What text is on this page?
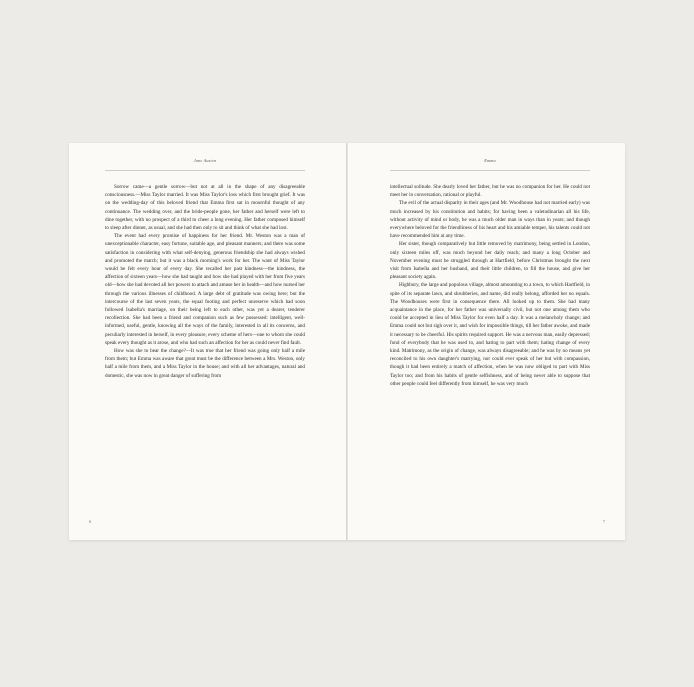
Jane Austen

Sorrow came—a gentle sorrow—but not at all in the shape of any disagreeable consciousness.—Miss Taylor married. It was Miss Taylor's loss which first brought grief. It was on the wedding-day of this beloved friend that Emma first sat in mournful thought of any continuance. The wedding over, and the bride-people gone, her father and herself were left to dine together, with no prospect of a third to cheer a long evening. Her father composed himself to sleep after dinner, as usual, and she had then only to sit and think of what she had lost.

The event had every promise of happiness for her friend. Mr. Weston was a man of unexceptionable character, easy fortune, suitable age, and pleasant manners; and there was some satisfaction in considering with what self-denying, generous friendship she had always wished and promoted the match; but it was a black morning's work for her. The want of Miss Taylor would be felt every hour of every day. She recalled her past kindness—the kindness, the affection of sixteen years—how she had taught and how she had played with her from five years old—how she had devoted all her powers to attach and amuse her in health—and how nursed her through the various illnesses of childhood. A large debt of gratitude was owing here; but the intercourse of the last seven years, the equal footing and perfect unreserve which had soon followed Isabella's marriage, on their being left to each other, was yet a dearer, tenderer recollection. She had been a friend and companion such as few possessed: intelligent, well-informed, useful, gentle, knowing all the ways of the family, interested in all its concerns, and peculiarly interested in herself, in every pleasure, every scheme of hers—one to whom she could speak every thought as it arose, and who had such an affection for her as could never find fault.

How was she to bear the change?—It was true that her friend was going only half a mile from them; but Emma was aware that great must be the difference between a Mrs. Weston, only half a mile from them, and a Miss Taylor in the house; and with all her advantages, natural and domestic, she was now in great danger of suffering from

6
Emma

intellectual solitude. She dearly loved her father, but he was no companion for her. He could not meet her in conversation, rational or playful.

The evil of the actual disparity in their ages (and Mr. Woodhouse had not married early) was much increased by his constitution and habits; for having been a valetudinarian all his life, without activity of mind or body, he was a much older man in ways than in years; and though everywhere beloved for the friendliness of his heart and his amiable temper, his talents could not have recommended him at any time.

Her sister, though comparatively but little removed by matrimony, being settled in London, only sixteen miles off, was much beyond her daily reach; and many a long October and November evening must be struggled through at Hartfield, before Christmas brought the next visit from Isabella and her husband, and their little children, to fill the house, and give her pleasant society again.

Highbury, the large and populous village, almost amounting to a town, to which Hartfield, in spite of its separate lawn, and shrubberies, and name, did really belong, afforded her no equals. The Woodhouses were first in consequence there. All looked up to them. She had many acquaintance in the place, for her father was universally civil, but not one among them who could be accepted in lieu of Miss Taylor for even half a day. It was a melancholy change; and Emma could not but sigh over it, and wish for impossible things, till her father awoke, and made it necessary to be cheerful. His spirits required support. He was a nervous man, easily depressed; fond of everybody that he was used to, and hating to part with them; hating change of every kind. Matrimony, as the origin of change, was always disagreeable; and he was by no means yet reconciled to his own daughter's marrying, nor could ever speak of her but with compassion, though it had been entirely a match of affection, when he was now obliged to part with Miss Taylor too; and from his habits of gentle selfishness, and of being never able to suppose that other people could feel differently from himself, he was very much

7
